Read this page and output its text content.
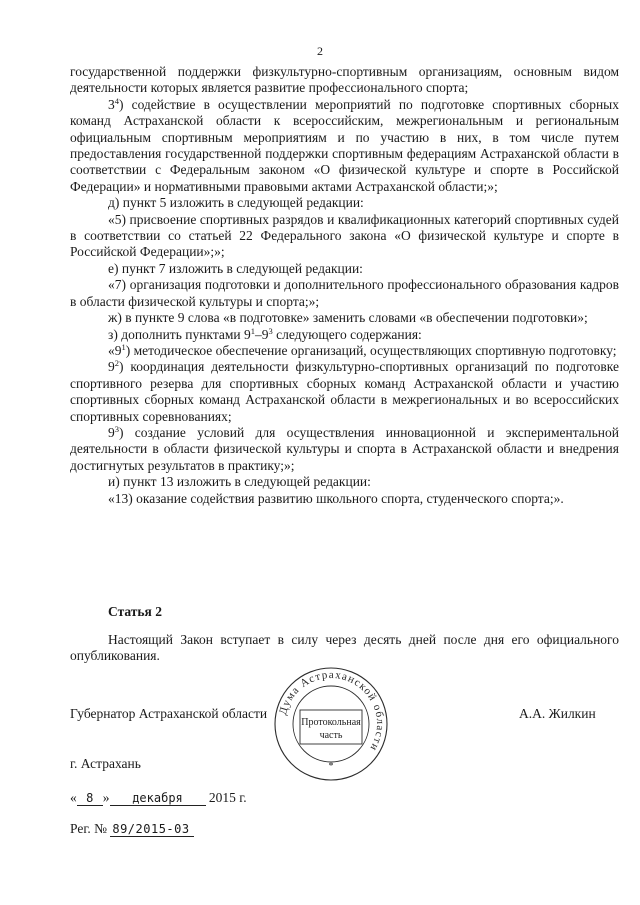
2

государственной поддержки физкультурно-спортивным организациям, основным видом деятельности которых является развитие профессионального спорта;

$3^4$) содействие в осуществлении мероприятий по подготовке спортивных сборных команд Астраханской области к всероссийским, межрегиональным и региональным официальным спортивным мероприятиям и по участию в них, в том числе путем предоставления государственной поддержки спортивным федерациям Астраханской области в соответствии с Федеральным законом «О физической культуре и спорте в Российской Федерации» и нормативными правовыми актами Астраханской области;»;

д) пункт 5 изложить в следующей редакции:

«5) присвоение спортивных разрядов и квалификационных категорий спортивных судей в соответствии со статьей 22 Федерального закона «О физической культуре и спорте в Российской Федерации»;»;

е) пункт 7 изложить в следующей редакции:

«7) организация подготовки и дополнительного профессионального образования кадров в области физической культуры и спорта;»;

ж) в пункте 9 слова «в подготовке» заменить словами «в обеспечении подготовки»;

з) дополнить пунктами $9^1-9^3$ следующего содержания:

«$9^1$) методическое обеспечение организаций, осуществляющих спортивную подготовку;

$9^2$) координация деятельности физкультурно-спортивных организаций по подготовке спортивного резерва для спортивных сборных команд Астраханской области и участию спортивных сборных команд Астраханской области в межрегиональных и во всероссийских спортивных соревнованиях;

$9^3$) создание условий для осуществления инновационной и экспериментальной деятельности в области физической культуры и спорта в Астраханской области и внедрения достигнутых результатов в практику;»;

и) пункт 13 изложить в следующей редакции:

«13) оказание содействия развитию школьного спорта, студенческого спорта;».

Статья 2

Настоящий Закон вступает в силу через десять дней после дня его официального опубликования.

Губернатор Астраханской области Дума Астраханской области
Протокольная
часть
*
А.А. Жилкин
г. Астрахань
« 8 » декабря 2015 г.
Рег. № 89/2015-03
